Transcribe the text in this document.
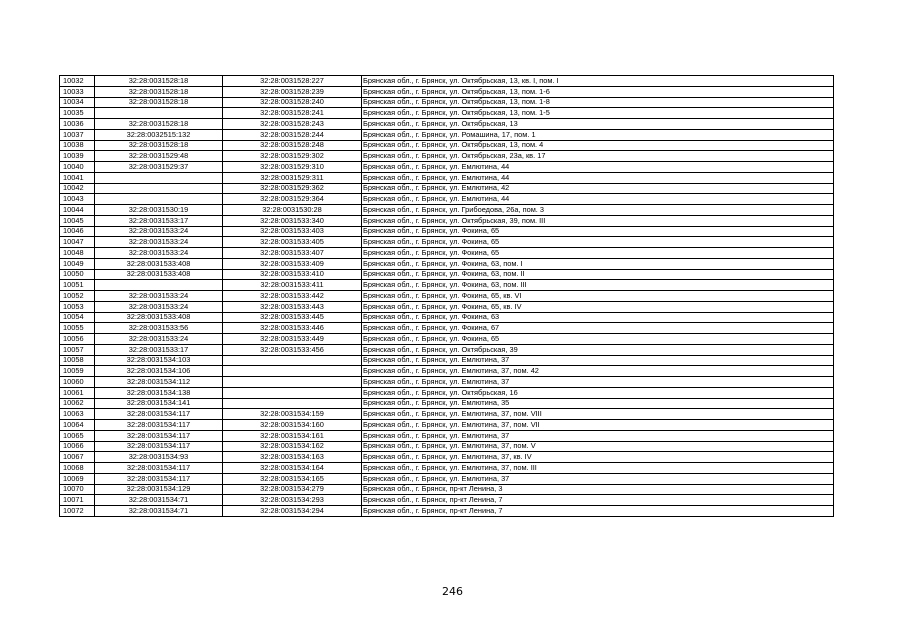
10032	32:28:0031528:18	32:28:0031528:227	Брянская обл., г. Брянск, ул. Октябрьская, 13, кв. I, пом. I
10033	32:28:0031528:18	32:28:0031528:239	Брянская обл., г. Брянск, ул. Октябрьская, 13, пом. 1-6
10034	32:28:0031528:18	32:28:0031528:240	Брянская обл., г. Брянск, ул. Октябрьская, 13, пом. 1-8
10035		32:28:0031528:241	Брянская обл., г. Брянск, ул. Октябрьская, 13, пом. 1-5
10036	32:28:0031528:18	32:28:0031528:243	Брянская обл., г. Брянск, ул. Октябрьская, 13
10037	32:28:0032515:132	32:28:0031528:244	Брянская обл., г. Брянск, ул. Ромашина, 17, пом. 1
10038	32:28:0031528:18	32:28:0031528:248	Брянская обл., г. Брянск, ул. Октябрьская, 13, пом. 4
10039	32:28:0031529:48	32:28:0031529:302	Брянская обл., г. Брянск, ул. Октябрьская, 23а, кв. 17
10040	32:28:0031529:37	32:28:0031529:310	Брянская обл., г. Брянск, ул. Емлютина, 44
10041		32:28:0031529:311	Брянская обл., г. Брянск, ул. Емлютина, 44
10042		32:28:0031529:362	Брянская обл., г. Брянск, ул. Емлютина, 42
10043		32:28:0031529:364	Брянская обл., г. Брянск, ул. Емлютина, 44
10044	32:28:0031530:19	32:28:0031530:28	Брянская обл., г. Брянск, ул. Грибоедова, 26а, пом. 3
10045	32:28:0031533:17	32:28:0031533:340	Брянская обл., г. Брянск, ул. Октябрьская, 39, пом. III
10046	32:28:0031533:24	32:28:0031533:403	Брянская обл., г. Брянск, ул. Фокина, 65
10047	32:28:0031533:24	32:28:0031533:405	Брянская обл., г. Брянск, ул. Фокина, 65
10048	32:28:0031533:24	32:28:0031533:407	Брянская обл., г. Брянск, ул. Фокина, 65
10049	32:28:0031533:408	32:28:0031533:409	Брянская обл., г. Брянск, ул. Фокина, 63, пом. I
10050	32:28:0031533:408	32:28:0031533:410	Брянская обл., г. Брянск, ул. Фокина, 63, пом. II
10051		32:28:0031533:411	Брянская обл., г. Брянск, ул. Фокина, 63, пом. III
10052	32:28:0031533:24	32:28:0031533:442	Брянская обл., г. Брянск, ул. Фокина, 65, кв. VI
10053	32:28:0031533:24	32:28:0031533:443	Брянская обл., г. Брянск, ул. Фокина, 65, кв. IV
10054	32:28:0031533:408	32:28:0031533:445	Брянская обл., г. Брянск, ул. Фокина, 63
10055	32:28:0031533:56	32:28:0031533:446	Брянская обл., г. Брянск, ул. Фокина, 67
10056	32:28:0031533:24	32:28:0031533:449	Брянская обл., г. Брянск, ул. Фокина, 65
10057	32:28:0031533:17	32:28:0031533:456	Брянская обл., г. Брянск, ул. Октябрьская, 39
10058	32:28:0031534:103		Брянская обл., г. Брянск, ул. Емлютина, 37
10059	32:28:0031534:106		Брянская обл., г. Брянск, ул. Емлютина, 37, пом. 42
10060	32:28:0031534:112		Брянская обл., г. Брянск, ул. Емлютина, 37
10061	32:28:0031534:138		Брянская обл., г. Брянск, ул. Октябрьская, 16
10062	32:28:0031534:141		Брянская обл., г. Брянск, ул. Емлютина, 35
10063	32:28:0031534:117	32:28:0031534:159	Брянская обл., г. Брянск, ул. Емлютина, 37, пом. VIII
10064	32:28:0031534:117	32:28:0031534:160	Брянская обл., г. Брянск, ул. Емлютина, 37, пом. VII
10065	32:28:0031534:117	32:28:0031534:161	Брянская обл., г. Брянск, ул. Емлютина, 37
10066	32:28:0031534:117	32:28:0031534:162	Брянская обл., г. Брянск, ул. Емлютина, 37, пом. V
10067	32:28:0031534:93	32:28:0031534:163	Брянская обл., г. Брянск, ул. Емлютина, 37, кв. IV
10068	32:28:0031534:117	32:28:0031534:164	Брянская обл., г. Брянск, ул. Емлютина, 37, пом. III
10069	32:28:0031534:117	32:28:0031534:165	Брянская обл., г. Брянск, ул. Емлютина, 37
10070	32:28:0031534:129	32:28:0031534:279	Брянская обл., г. Брянск, пр-кт Ленина, 3
10071	32:28:0031534:71	32:28:0031534:293	Брянская обл., г. Брянск, пр-кт Ленина, 7
10072	32:28:0031534:71	32:28:0031534:294	Брянская обл., г. Брянск, пр-кт Ленина, 7
246
